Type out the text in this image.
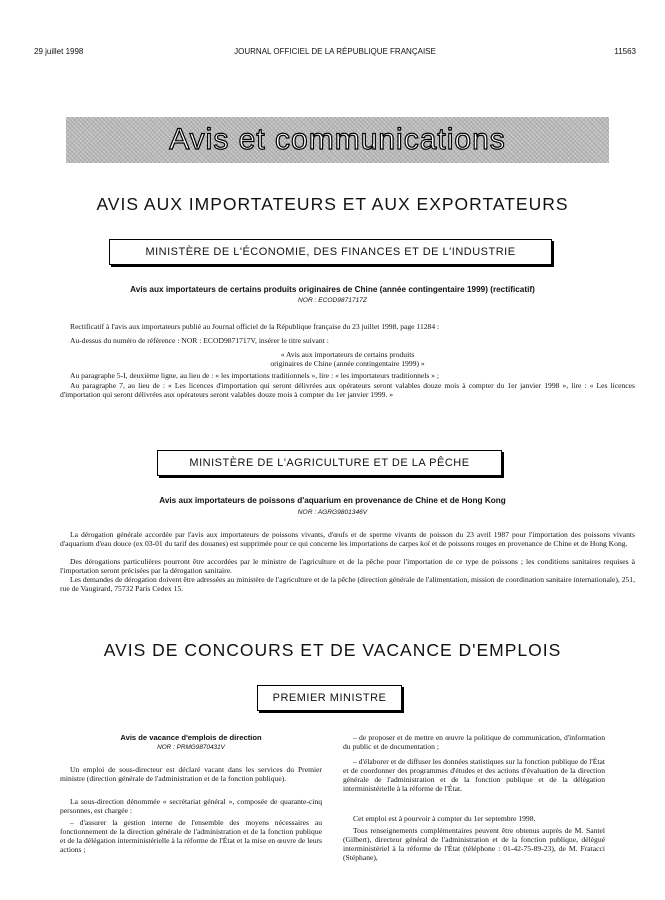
29 juillet 1998	JOURNAL OFFICIEL DE LA RÉPUBLIQUE FRANÇAISE	11563
Avis et communications
AVIS AUX IMPORTATEURS ET AUX EXPORTATEURS
MINISTÈRE DE L'ÉCONOMIE, DES FINANCES ET DE L'INDUSTRIE
Avis aux importateurs de certains produits originaires de Chine (année contingentaire 1999) (rectificatif)
NOR : ECOD9871717Z
Rectificatif à l'avis aux importateurs publié au Journal officiel de la République française du 23 juillet 1998, page 11284 :
Au-dessus du numéro de référence : NOR : ECOD9871717V, insérer le titre suivant :
« Avis aux importateurs de certains produits
originaires de Chine (année contingentaire 1999) »
Au paragraphe 5-I, deuxième ligne, au lieu de : « les importations traditionnels », lire : « les importateurs traditionnels » ;
Au paragraphe 7, au lieu de : « Les licences d'importation qui seront délivrées aux opérateurs seront valables douze mois à compter du 1er janvier 1998 », lire : « Les licences d'importation qui seront délivrées aux opérateurs seront valables douze mois à compter du 1er janvier 1999. »
MINISTÈRE DE L'AGRICULTURE ET DE LA PÊCHE
Avis aux importateurs de poissons d'aquarium en provenance de Chine et de Hong Kong
NOR : AGRG9801346V
La dérogation générale accordée par l'avis aux importateurs de poissons vivants, d'œufs et de sperme vivants de poisson du 23 avril 1987 pour l'importation des poissons vivants d'aquarium d'eau douce (ex 03-01 du tarif des douanes) est supprimée pour ce qui concerne les importations de carpes koï et de poissons rouges en provenance de Chine et de Hong Kong.
Des dérogations particulières pourront être accordées par le ministre de l'agriculture et de la pêche pour l'importation de ce type de poissons ; les conditions sanitaires requises à l'importation seront précisées par la dérogation sanitaire.
Les demandes de dérogation doivent être adressées au ministère de l'agriculture et de la pêche (direction générale de l'alimentation, mission de coordination sanitaire internationale), 251, rue de Vaugirard, 75732 Paris Cedex 15.
AVIS DE CONCOURS ET DE VACANCE D'EMPLOIS
PREMIER MINISTRE
Avis de vacance d'emplois de direction
NOR : PRMG9870431V
Un emploi de sous-directeur est déclaré vacant dans les services du Premier ministre (direction générale de l'administration et de la fonction publique).
La sous-direction dénommée « secrétariat général », composée de quarante-cinq personnes, est chargée :
– d'assurer la gestion interne de l'ensemble des moyens nécessaires au fonctionnement de la direction générale de l'administration et de la fonction publique et de la délégation interministérielle à la réforme de l'État et la mise en œuvre de leurs actions ;
– de proposer et de mettre en œuvre la politique de communication, d'information du public et de documentation ;
– d'élaborer et de diffuser les données statistiques sur la fonction publique de l'État et de coordonner des programmes d'études et des actions d'évaluation de la direction générale de l'administration et de la fonction publique et de la délégation interministérielle à la réforme de l'État.
Cet emploi est à pourvoir à compter du 1er septembre 1998.
Tous renseignements complémentaires peuvent être obtenus auprès de M. Santel (Gilbert), directeur général de l'administration et de la fonction publique, délégué interministériel à la réforme de l'État (téléphone : 01-42-75-89-23), de M. Fratacci (Stéphane),
